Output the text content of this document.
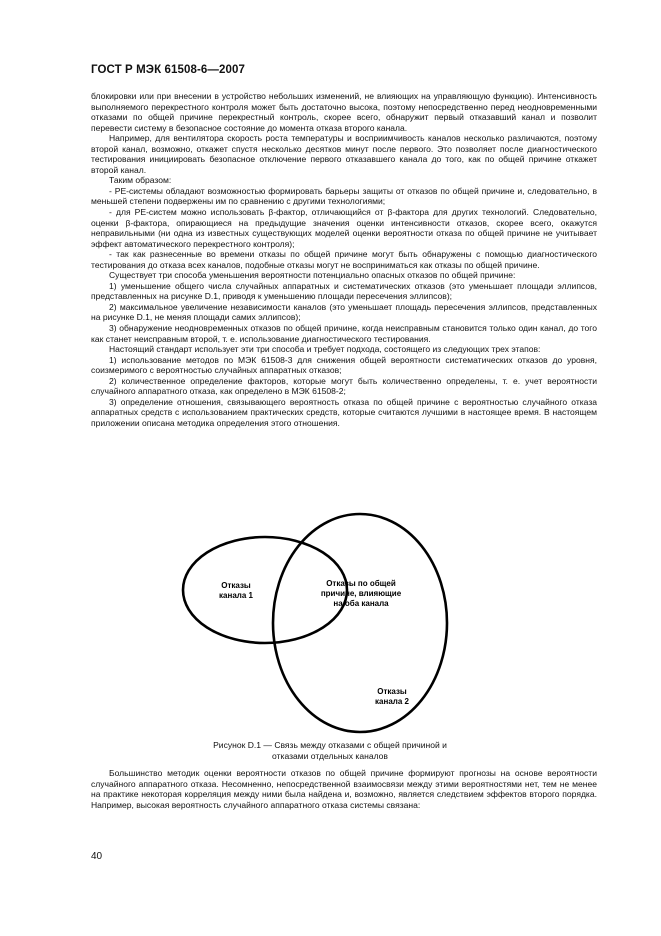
ГОСТ Р МЭК 61508-6—2007

блокировки или при внесении в устройство небольших изменений, не влияющих на управляющую функцию). Интенсивность выполняемого перекрестного контроля может быть достаточно высока, поэтому непосредственно перед неодновременными отказами по общей причине перекрестный контроль, скорее всего, обнаружит первый отказавший канал и позволит перевести систему в безопасное состояние до момента отказа второго канала.

Например, для вентилятора скорость роста температуры и восприимчивость каналов несколько различаются, поэтому второй канал, возможно, откажет спустя несколько десятков минут после первого. Это позволяет после диагностического тестирования инициировать безопасное отключение первого отказавшего канала до того, как по общей причине откажет второй канал.

Таким образом:

- PE-системы обладают возможностью формировать барьеры защиты от отказов по общей причине и, следовательно, в меньшей степени подвержены им по сравнению с другими технологиями;

- для PE-систем можно использовать β-фактор, отличающийся от β-фактора для других технологий. Следовательно, оценки β-фактора, опирающиеся на предыдущие значения оценки интенсивности отказов, скорее всего, окажутся неправильными (ни одна из известных существующих моделей оценки вероятности отказа по общей причине не учитывает эффект автоматического перекрестного контроля);

- так как разнесенные во времени отказы по общей причине могут быть обнаружены с помощью диагностического тестирования до отказа всех каналов, подобные отказы могут не восприниматься как отказы по общей причине.

Существует три способа уменьшения вероятности потенциально опасных отказов по общей причине:

1) уменьшение общего числа случайных аппаратных и систематических отказов (это уменьшает площади эллипсов, представленных на рисунке D.1, приводя к уменьшению площади пересечения эллипсов);

2) максимальное увеличение независимости каналов (это уменьшает площадь пересечения эллипсов, представленных на рисунке D.1, не меняя площади самих эллипсов);

3) обнаружение неодновременных отказов по общей причине, когда неисправным становится только один канал, до того как станет неисправным второй, т. е. использование диагностического тестирования.

Настоящий стандарт использует эти три способа и требует подхода, состоящего из следующих трех этапов:

1) использование методов по МЭК 61508-3 для снижения общей вероятности систематических отказов до уровня, соизмеримого с вероятностью случайных аппаратных отказов;

2) количественное определение факторов, которые могут быть количественно определены, т. е. учет вероятности случайного аппаратного отказа, как определено в МЭК 61508-2;

3) определение отношения, связывающего вероятность отказа по общей причине с вероятностью случайного отказа аппаратных средств с использованием практических средств, которые считаются лучшими в настоящее время. В настоящем приложении описана методика определения этого отношения.

Отказы
канала 1
Отказы по общей
причине, влияющие
на оба канала
Отказы
канала 2
Рисунок D.1 — Связь между отказами с общей причиной и
отказами отдельных каналов

Большинство методик оценки вероятности отказов по общей причине формируют прогнозы на основе вероятности случайного аппаратного отказа. Несомненно, непосредственной взаимосвязи между этими вероятностями нет, тем не менее на практике некоторая корреляция между ними была найдена и, возможно, является следствием эффектов второго порядка. Например, высокая вероятность случайного аппаратного отказа системы связана:

40
